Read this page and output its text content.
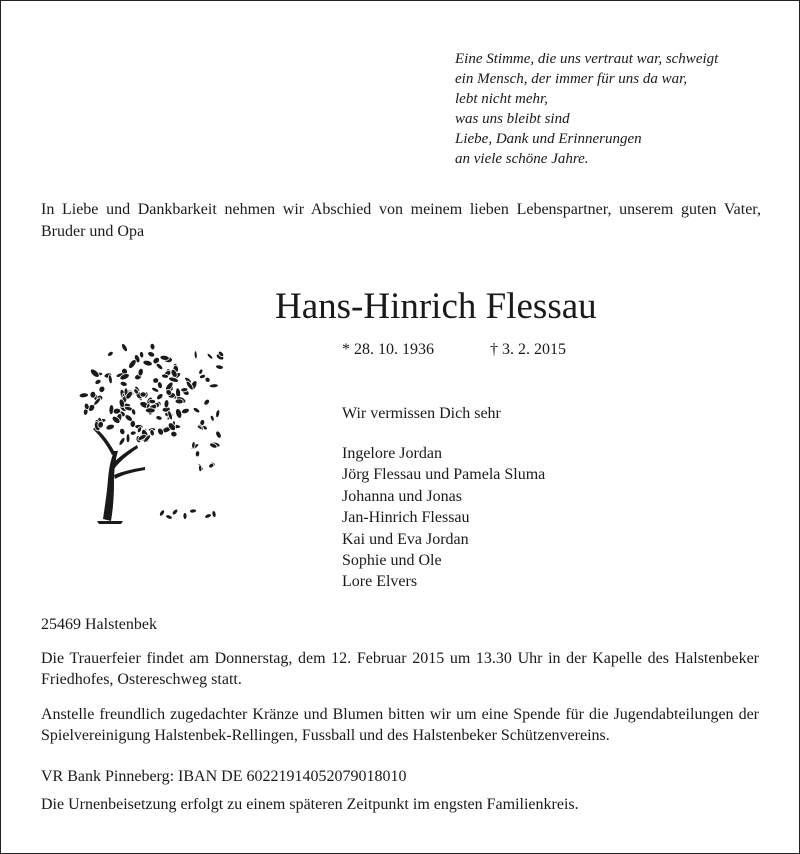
Eine Stimme, die uns vertraut war, schweigt
ein Mensch, der immer für uns da war,
lebt nicht mehr,
was uns bleibt sind
Liebe, Dank und Erinnerungen
an viele schöne Jahre.
In Liebe und Dankbarkeit nehmen wir Abschied von meinem lieben Lebenspartner, unserem guten Vater, Bruder und Opa
Hans-Hinrich Flessau
* 28. 10. 1936	† 3. 2. 2015
Wir vermissen Dich sehr
Ingelore Jordan
Jörg Flessau und Pamela Sluma
Johanna und Jonas
Jan-Hinrich Flessau
Kai und Eva Jordan
Sophie und Ole
Lore Elvers
25469 Halstenbek
Die Trauerfeier findet am Donnerstag, dem 12. Februar 2015 um 13.30 Uhr in der Kapelle des Halstenbeker Friedhofes, Ostereschweg statt.
Anstelle freundlich zugedachter Kränze und Blumen bitten wir um eine Spende für die Jugendabteilungen der Spielvereinigung Halstenbek-Rellingen, Fussball und des Halstenbeker Schützenvereins.
VR Bank Pinneberg: IBAN DE 60221914052079018010
Die Urnenbeisetzung erfolgt zu einem späteren Zeitpunkt im engsten Familienkreis.
